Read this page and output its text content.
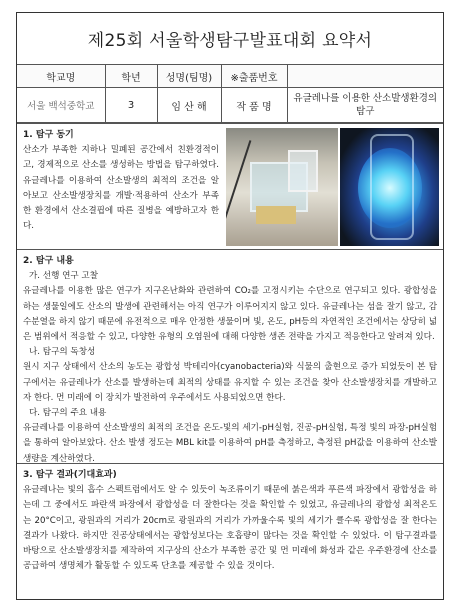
제25회 서울학생탐구발표대회 요약서
학교명	학년	성명(팀명)	※출품번호	
서울 백석중학교	3	임 산 해	작 품 명	유글레나를 이용한 산소발생환경의 탐구
1. 탐구 동기
산소가 부족한 지하나 밀폐된 공간에서 친환경적이고, 경제적으로 산소를 생성하는 방법을 탐구하였다. 유글레나를 이용하여 산소발생의 최적의 조건을 알아보고 산소발생장치를 개발·적용하여 산소가 부족한 환경에서 산소결핍에 따른 질병을 예방하고자 한다.
2. 탐구 내용
가. 선행 연구 고찰
유글레나를 이용한 많은 연구가 지구온난화와 관련하여 CO₂를 고정시키는 수단으로 연구되고 있다. 광합성을 하는 생물일에도 산소의 발생에 관련해서는 아직 연구가 이루어지지 않고 있다. 유글레나는 섬을 잘기 않고, 감수분열을 하지 않기 때문에 유전적으로 매우 안정한 생물이며 빛, 온도, pH등의 자연적인 조건에서는 상당히 넓은 범위에서 적응할 수 있고, 다양한 유형의 오염원에 대해 다양한 생존 전략을 가지고 적응한다고 알려져 있다.
나. 탐구의 독창성
원시 지구 상태에서 산소의 농도는 광합성 박테리아(cyanobacteria)와 식물의 출현으로 증가 되었듯이 본 탐구에서는 유글레나가 산소를 발생하는데 최적의 상태를 유지할 수 있는 조건을 찾아 산소발생장치를 개발하고자 한다. 먼 미래에 이 장치가 발전하여 우주에서도 사용되었으면 한다.
다. 탐구의 주요 내용
유글레나를 이용하여 산소발생의 최적의 조건을 온도-빛의 세기-pH실험, 진공-pH실험, 특정 빛의 파장-pH실험을 통하여 알아보았다. 산소 발생 정도는 MBL kit를 이용하여 pH를 측정하고, 측정된 pH값을 이용하여 산소발생량을 계산하였다.
3. 탐구 결과(기대효과)
유글레나는 빛의 흡수 스펙트럼에서도 알 수 있듯이 녹조류이기 때문에 붉은색과 푸른색 파장에서 광합성을 하는데 그 중에서도 파란색 파장에서 광합성을 더 잘한다는 것을 확인할 수 있었고, 유글레나의 광합성 최적온도는 20°C이고, 광원과의 거리가 20cm로 광원과의 거리가 가까울수록 빛의 세기가 클수록 광합성을 잘 한다는 결과가 나왔다. 하지만 진공상태에서는 광합성보다는 호흡량이 많다는 것을 확인할 수 있었다. 이 탐구결과를 바탕으로 산소발생장치를 제작하여 지구상의 산소가 부족한 공간 및 먼 미래에 화성과 같은 우주환경에 산소를 공급하여 생명체가 활동할 수 있도록 단초를 제공할 수 있을 것이다.
